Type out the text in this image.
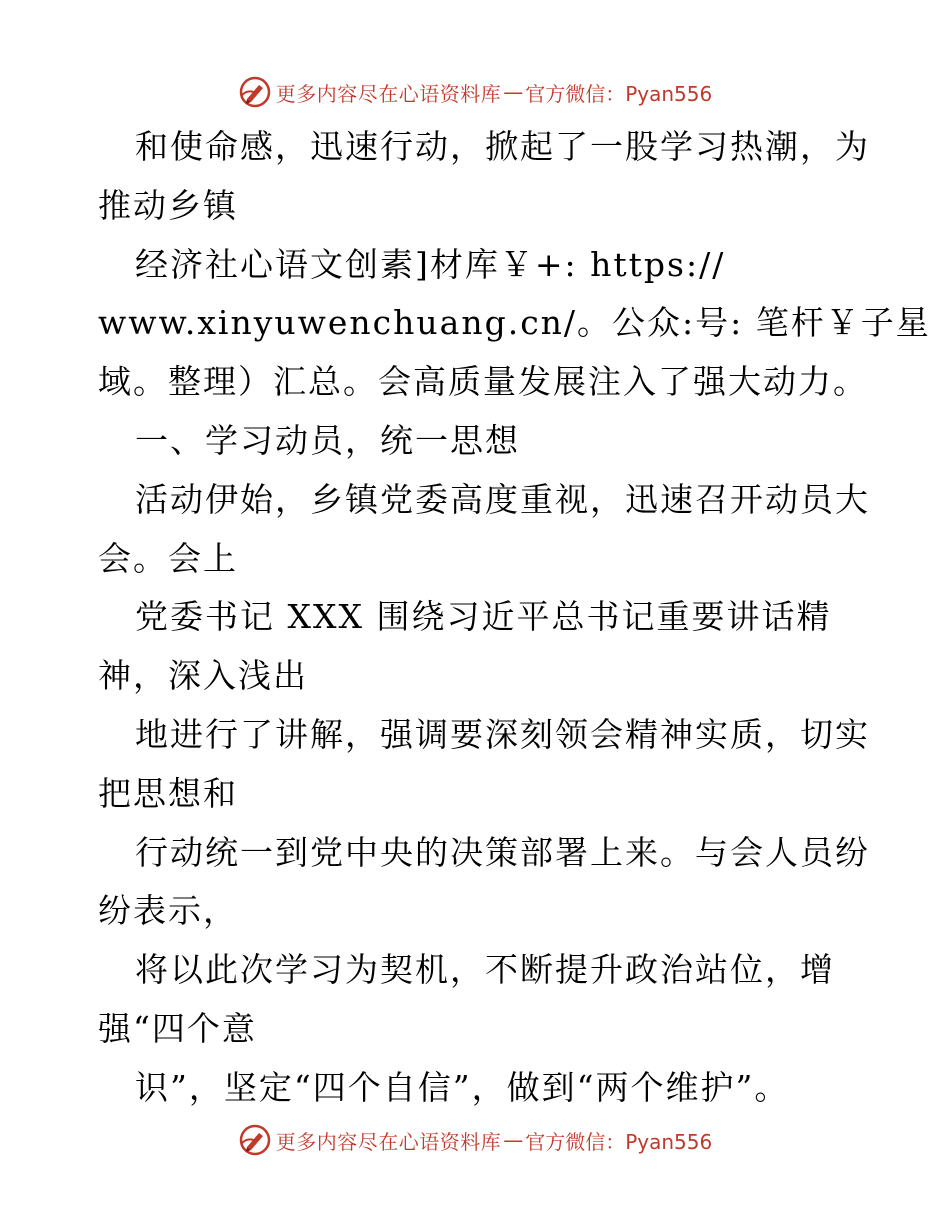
更多内容尽在心语资料库 — 官方微信：Pyan556
和使命感，迅速行动，掀起了一股学习热潮，为
推动乡镇
经济社心语文创素]材库￥+: https://
www.xinyuwenchuang.cn/。公众:号: 笔杆￥子星
域。整理）汇总。会高质量发展注入了强大动力。
一、学习动员，统一思想
活动伊始，乡镇党委高度重视，迅速召开动员大
会。会上
党委书记 XXX 围绕习近平总书记重要讲话精
神，深入浅出
地进行了讲解，强调要深刻领会精神实质，切实
把思想和
行动统一到党中央的决策部署上来。与会人员纷
纷表示，
将以此次学习为契机，不断提升政治站位，增
强“四个意
识”，坚定“四个自信”，做到“两个维护”。
更多内容尽在心语资料库 — 官方微信：Pyan556
